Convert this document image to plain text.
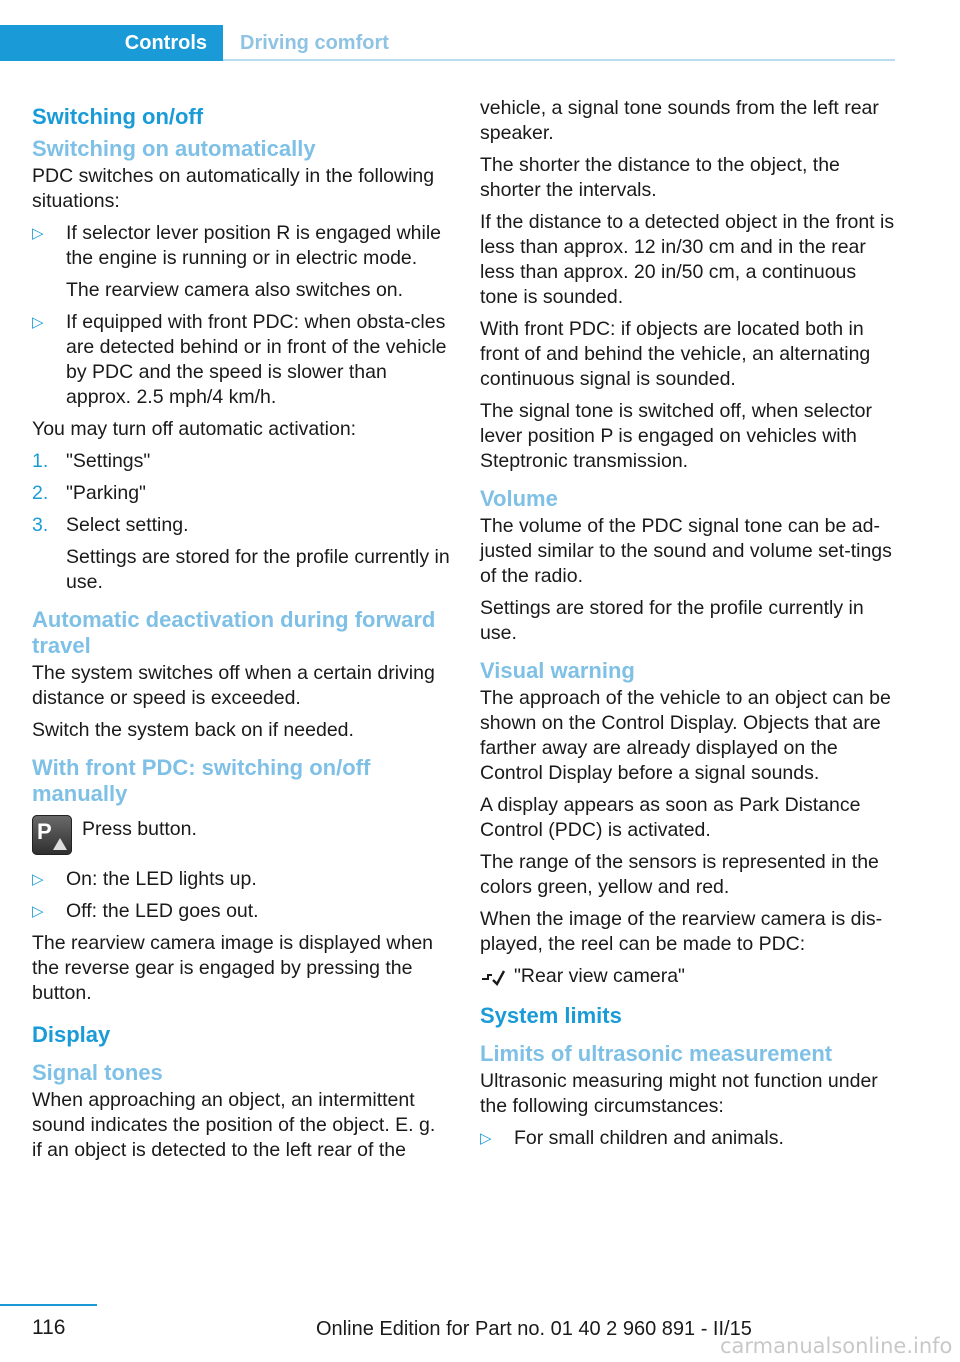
Controls	Driving comfort
Switching on/off
Switching on automatically

PDC switches on automatically in the following situations:

▷ If selector lever position R is engaged while the engine is running or in electric mode.
The rearview camera also switches on.
▷ If equipped with front PDC: when obsta-cles are detected behind or in front of the vehicle by PDC and the speed is slower than approx. 2.5 mph/4 km/h.

You may turn off automatic activation:

1. "Settings"
2. "Parking"
3. Select setting.
Settings are stored for the profile currently in use.
Automatic deactivation during forward travel

The system switches off when a certain driving distance or speed is exceeded.

Switch the system back on if needed.

With front PDC: switching on/off manually
P Press button.
▷ On: the LED lights up.
▷ Off: the LED goes out.

The rearview camera image is displayed when the reverse gear is engaged by pressing the button.

Display
Signal tones

When approaching an object, an intermittent sound indicates the position of the object. E. g. if an object is detected to the left rear of the

vehicle, a signal tone sounds from the left rear speaker.

The shorter the distance to the object, the shorter the intervals.

If the distance to a detected object in the front is less than approx. 12 in/30 cm and in the rear less than approx. 20 in/50 cm, a continuous tone is sounded.

With front PDC: if objects are located both in front of and behind the vehicle, an alternating continuous signal is sounded.

The signal tone is switched off, when selector lever position P is engaged on vehicles with Steptronic transmission.

Volume

The volume of the PDC signal tone can be ad-justed similar to the sound and volume set-tings of the radio.

Settings are stored for the profile currently in use.

Visual warning

The approach of the vehicle to an object can be shown on the Control Display. Objects that are farther away are already displayed on the Control Display before a signal sounds.

A display appears as soon as Park Distance Control (PDC) is activated.

The range of the sensors is represented in the colors green, yellow and red.

When the image of the rearview camera is dis-played, the reel can be made to PDC:

"Rear view camera"
System limits
Limits of ultrasonic measurement

Ultrasonic measuring might not function under the following circumstances:

▷ For small children and animals.
116	Online Edition for Part no. 01 40 2 960 891 - II/15
carmanualsonline.info
